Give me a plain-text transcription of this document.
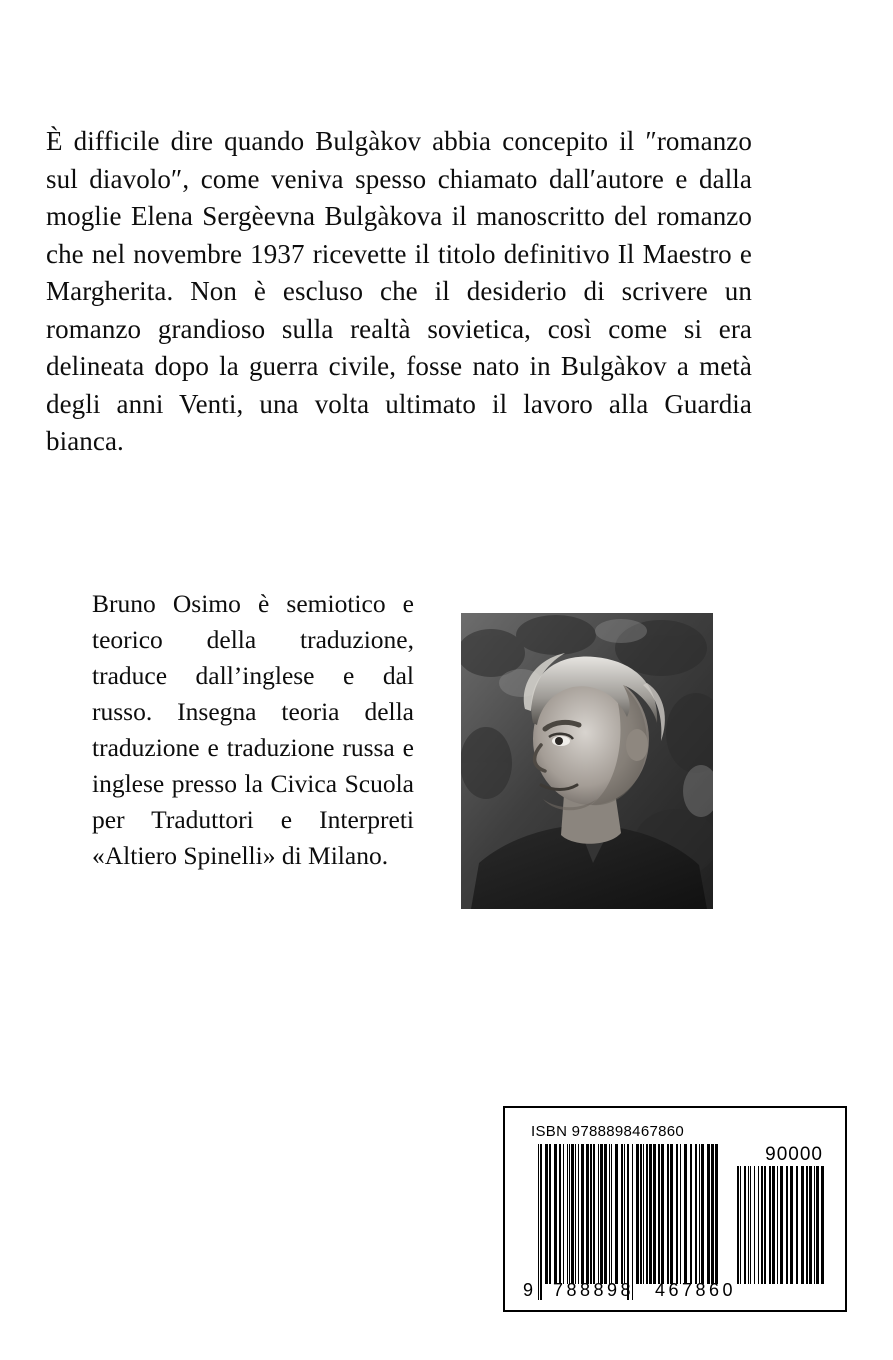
È difficile dire quando Bulgàkov abbia concepito il ″romanzo sul diavolo″, come veniva spesso chiamato dall′autore e dalla moglie Elena Sergèevna Bulgàkova il manoscritto del romanzo che nel novembre 1937 ricevette il titolo definitivo Il Maestro e Margherita. Non è escluso che il desiderio di scrivere un romanzo grandioso sulla realtà sovietica, così come si era delineata dopo la guerra civile, fosse nato in Bulgàkov a metà degli anni Venti, una volta ultimato il lavoro alla Guardia bianca.

Bruno Osimo è semiotico e teorico della traduzione, traduce dall’inglese e dal russo. Insegna teoria della traduzione e traduzione russa e inglese presso la Civica Scuola per Traduttori e Interpreti «Altiero Spinelli» di Milano.

ISBN 9788898467860
90000
9 788898 467860
